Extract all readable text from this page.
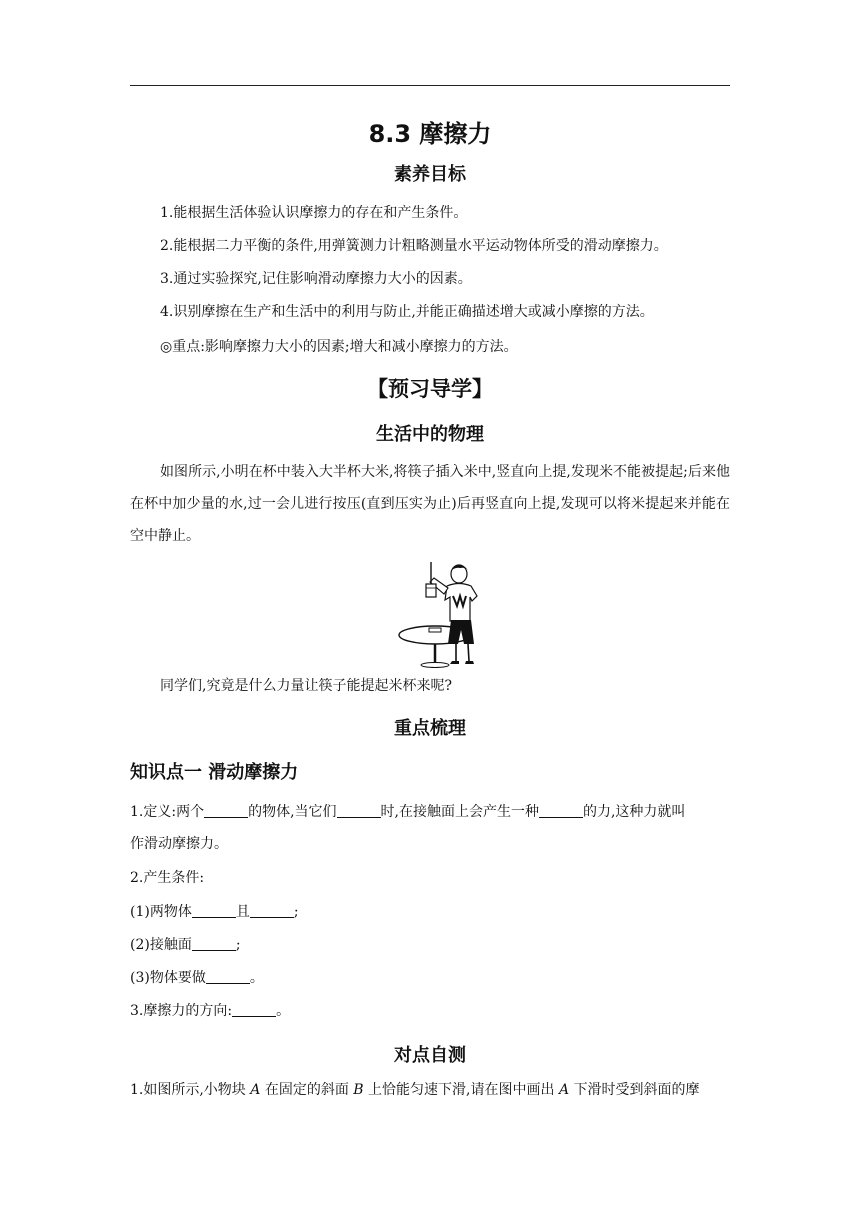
8.3 摩擦力
素养目标
1.能根据生活体验认识摩擦力的存在和产生条件。
2.能根据二力平衡的条件,用弹簧测力计粗略测量水平运动物体所受的滑动摩擦力。
3.通过实验探究,记住影响滑动摩擦力大小的因素。
4.识别摩擦在生产和生活中的利用与防止,并能正确描述增大或减小摩擦的方法。
◎重点:影响摩擦力大小的因素;增大和减小摩擦力的方法。
【预习导学】
生活中的物理
如图所示,小明在杯中装入大半杯大米,将筷子插入米中,竖直向上提,发现米不能被提起;后来他在杯中加少量的水,过一会儿进行按压(直到压实为止)后再竖直向上提,发现可以将米提起来并能在空中静止。
同学们,究竟是什么力量让筷子能提起米杯来呢?
重点梳理
知识点一 滑动摩擦力
1.定义:两个	的物体,当它们	时,在接触面上会产生一种	的力,这种力就叫
作滑动摩擦力。
2.产生条件:
(1)两物体	且	;
(2)接触面	;
(3)物体要做	。
3.摩擦力的方向:	。
对点自测
1.如图所示,小物块 A 在固定的斜面 B 上恰能匀速下滑,请在图中画出 A 下滑时受到斜面的摩
